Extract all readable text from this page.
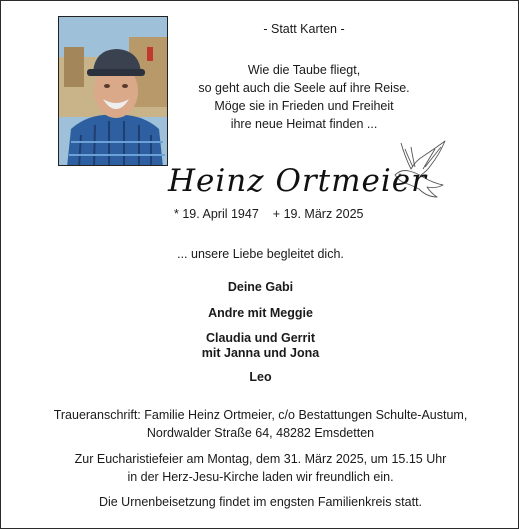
- Statt Karten -
Wie die Taube fliegt,
so geht auch die Seele auf ihre Reise.
Möge sie in Frieden und Freiheit
ihre neue Heimat finden ...
Heinz Ortmeier
* 19. April 1947 + 19. März 2025
... unsere Liebe begleitet dich.
Deine Gabi
Andre mit Meggie
Claudia und Gerrit
mit Janna und Jona
Leo
Traueranschrift: Familie Heinz Ortmeier, c/o Bestattungen Schulte-Austum,
Nordwalder Straße 64, 48282 Emsdetten
Zur Eucharistiefeier am Montag, dem 31. März 2025, um 15.15 Uhr
in der Herz-Jesu-Kirche laden wir freundlich ein.
Die Urnenbeisetzung findet im engsten Familienkreis statt.
